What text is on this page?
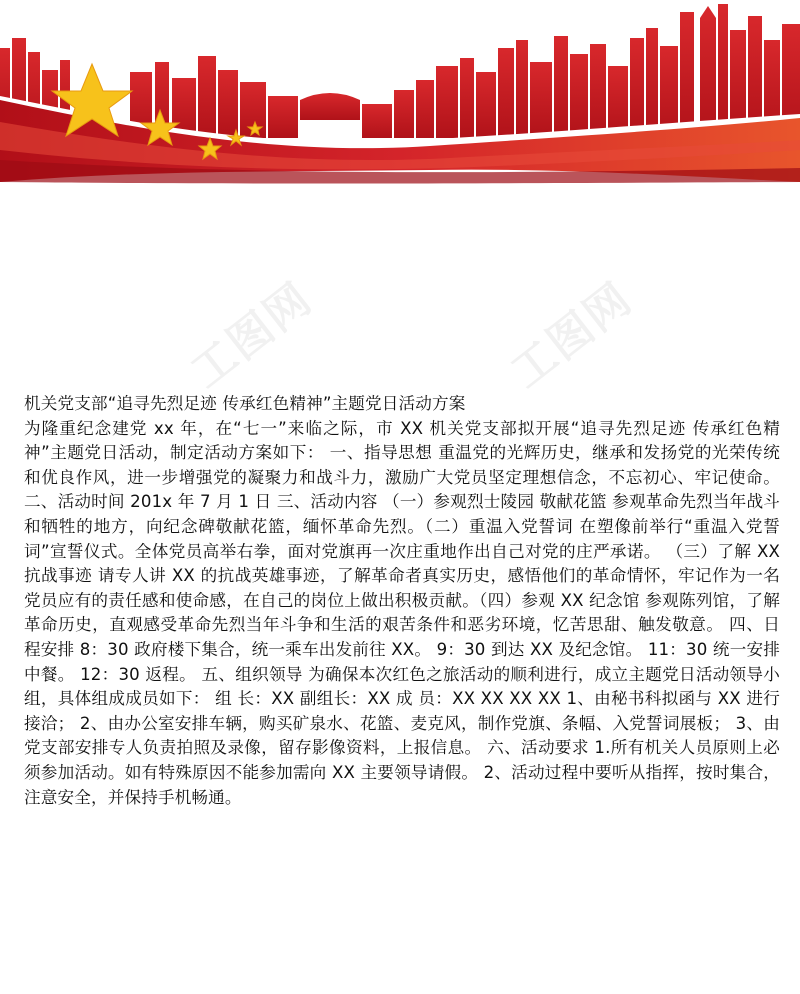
工图网	工图网

机关党支部“追寻先烈足迹 传承红色精神”主题党日活动方案

为隆重纪念建党 xx 年，在“七一”来临之际，市 XX 机关党支部拟开展“追寻先烈足迹 传承红色精神”主题党日活动，制定活动方案如下： 一、指导思想 重温党的光辉历史，继承和发扬党的光荣传统和优良作风，进一步增强党的凝聚力和战斗力，激励广大党员坚定理想信念，不忘初心、牢记使命。 二、活动时间 201x 年 7 月 1 日 三、活动内容 （一）参观烈士陵园 敬献花篮 参观革命先烈当年战斗和牺牲的地方，向纪念碑敬献花篮，缅怀革命先烈。（二）重温入党誓词 在塑像前举行“重温入党誓词”宣誓仪式。全体党员高举右拳，面对党旗再一次庄重地作出自己对党的庄严承诺。 （三）了解 XX 抗战事迹 请专人讲 XX 的抗战英雄事迹，了解革命者真实历史，感悟他们的革命情怀，牢记作为一名党员应有的责任感和使命感，在自己的岗位上做出积极贡献。（四）参观 XX 纪念馆 参观陈列馆，了解革命历史，直观感受革命先烈当年斗争和生活的艰苦条件和恶劣环境，忆苦思甜、触发敬意。 四、日程安排 8：30 政府楼下集合，统一乘车出发前往 XX。 9：30 到达 XX 及纪念馆。 11：30 统一安排中餐。 12：30 返程。 五、组织领导 为确保本次红色之旅活动的顺利进行，成立主题党日活动领导小组，具体组成成员如下： 组 长：XX 副组长：XX 成 员：XX XX XX XX 1、由秘书科拟函与 XX 进行接洽； 2、由办公室安排车辆，购买矿泉水、花篮、麦克风，制作党旗、条幅、入党誓词展板； 3、由党支部安排专人负责拍照及录像，留存影像资料，上报信息。 六、活动要求 1.所有机关人员原则上必须参加活动。如有特殊原因不能参加需向 XX 主要领导请假。 2、活动过程中要听从指挥，按时集合，注意安全，并保持手机畅通。
